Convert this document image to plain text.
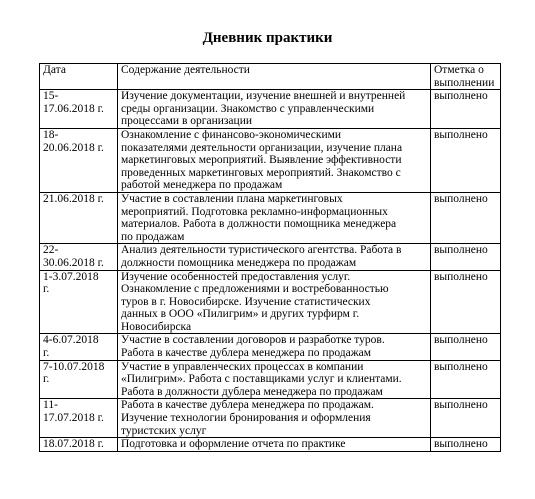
Дневник практики
Дата	Содержание деятельности	Отметка о
выполнении
15-
17.06.2018 г.	Изучение документации, изучение внешней и внутренней
среды организации. Знакомство с управленческими
процессами в организации	выполнено
18-
20.06.2018 г.	Ознакомление с финансово-экономическими
показателями деятельности организации, изучение плана
маркетинговых мероприятий. Выявление эффективности
проведенных маркетинговых мероприятий. Знакомство с
работой менеджера по продажам	выполнено
21.06.2018 г.	Участие в составлении плана маркетинговых
мероприятий. Подготовка рекламно-информационных
материалов. Работа в должности помощника менеджера
по продажам	выполнено
22-
30.06.2018 г.	Анализ деятельности туристического агентства. Работа в
должности помощника менеджера по продажам	выполнено
1-3.07.2018
г.	Изучение особенностей предоставления услуг.
Ознакомление с предложениями и востребованностью
туров в г. Новосибирске. Изучение статистических
данных в ООО «Пилигрим» и других турфирм г.
Новосибирска	выполнено
4-6.07.2018
г.	Участие в составлении договоров и разработке туров.
Работа в качестве дублера менеджера по продажам	выполнено
7-10.07.2018
г.	Участие в управленческих процессах в компании
«Пилигрим». Работа с поставщиками услуг и клиентами.
Работа в должности дублера менеджера по продажам	выполнено
11-
17.07.2018 г.	Работа в качестве дублера менеджера по продажам.
Изучение технологии бронирования и оформления
туристских услуг	выполнено
18.07.2018 г.	Подготовка и оформление отчета по практике	выполнено
